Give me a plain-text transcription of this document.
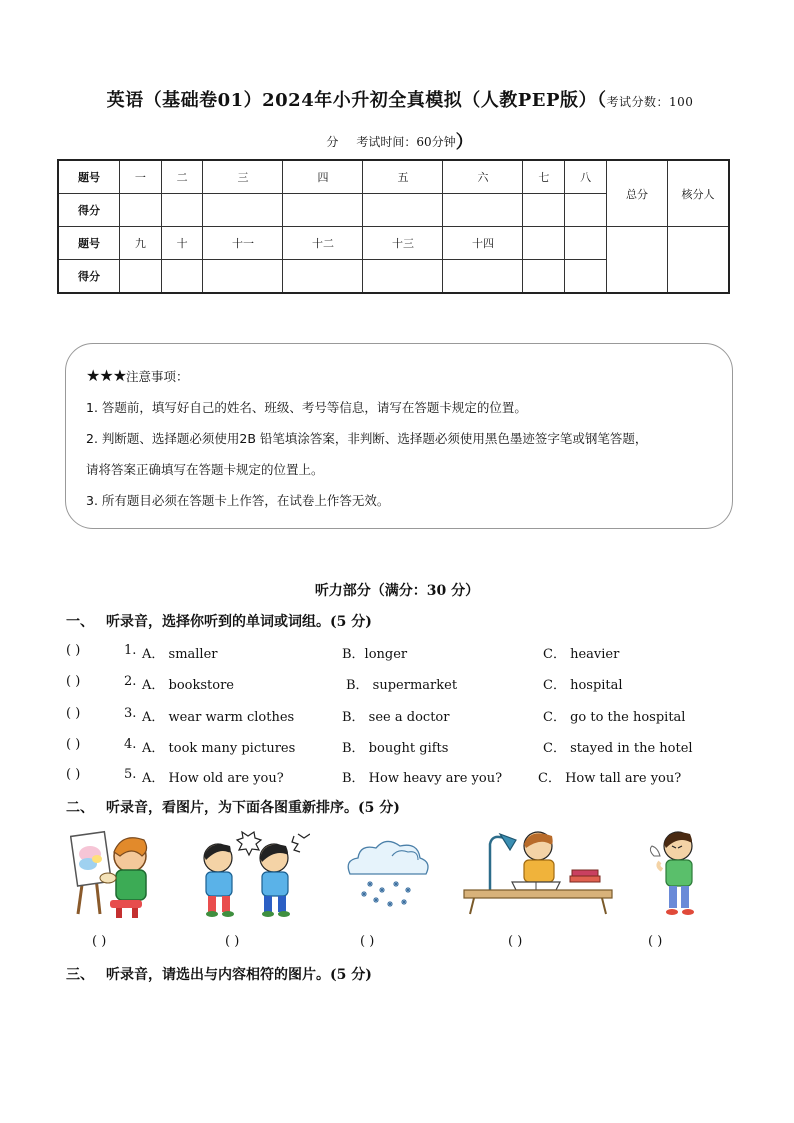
英语（基础卷01）2024年小升初全真模拟（人教PEP版）（考试分数：100
分 考试时间：60分钟）
题号	一	二	三	四	五	六	七	八	总分	核分人
得分										
题号	九	十	十一	十二	十三	十四				
得分										
★★★注意事项：
1. 答题前，填写好自己的姓名、班级、考号等信息，请写在答题卡规定的位置。
2. 判断题、选择题必须使用2B 铅笔填涂答案，非判断、选择题必须使用黑色墨迹签字笔或钢笔答题，
请将答案正确填写在答题卡规定的位置上。
3. 所有题目必须在答题卡上作答，在试卷上作答无效。
听力部分（满分：30 分）
一、 听录音，选择你听到的单词或词组。(5 分)
( )	1. A． smaller	B．longer	C． heavier
( )	2. A． bookstore	B． supermarket	C． hospital
( )	3. A． wear warm clothes	B． see a doctor	C． go to the hospital
( )	4. A． took many pictures	B． bought gifts	C． stayed in the hotel
( )	5. A． How old are you?	B． How heavy are you?	C． How tall are you?
二、 听录音，看图片，为下面各图重新排序。(5 分)
( )	( )	( )	( )	( )
三、 听录音，请选出与内容相符的图片。(5 分)
